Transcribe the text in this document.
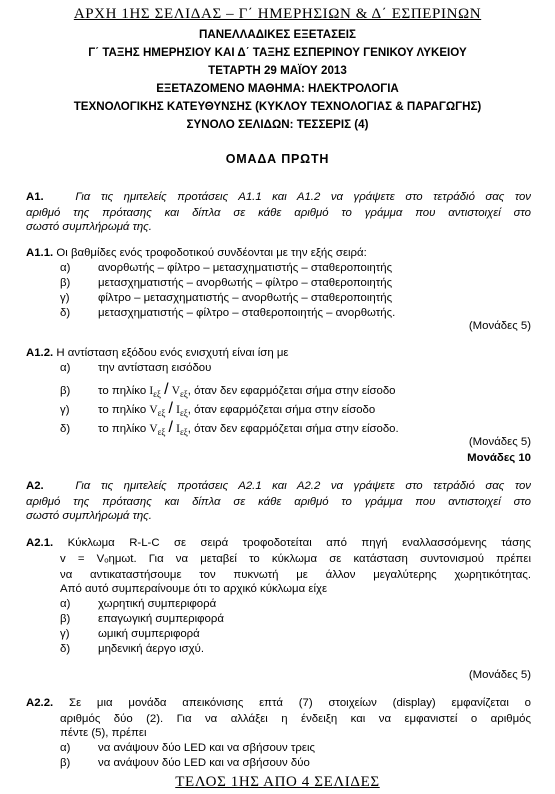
ΑΡΧΗ 1ΗΣ ΣΕΛΙΔΑΣ – Γ΄ ΗΜΕΡΗΣΙΩΝ & Δ΄ ΕΣΠΕΡΙΝΩΝ
ΠΑΝΕΛΛΑΔΙΚΕΣ ΕΞΕΤΑΣΕΙΣ
Γ΄ ΤΑΞΗΣ ΗΜΕΡΗΣΙΟΥ ΚΑΙ Δ΄ ΤΑΞΗΣ ΕΣΠΕΡΙΝΟΥ ΓΕΝΙΚΟΥ ΛΥΚΕΙΟΥ
ΤΕΤΑΡΤΗ 29 ΜΑΪΟΥ 2013
ΕΞΕΤΑΖΟΜΕΝΟ ΜΑΘΗΜΑ: ΗΛΕΚΤΡΟΛΟΓΙΑ
ΤΕΧΝΟΛΟΓΙΚΗΣ ΚΑΤΕΥΘΥΝΣΗΣ (ΚΥΚΛΟΥ ΤΕΧΝΟΛΟΓΙΑΣ & ΠΑΡΑΓΩΓΗΣ)
ΣΥΝΟΛΟ ΣΕΛΙΔΩΝ: ΤΕΣΣΕΡΙΣ (4)
ΟΜΑΔΑ ΠΡΩΤΗ
Α1.	Για τις ημιτελείς προτάσεις Α1.1 και Α1.2 να γράψετε στο τετράδιό σας τον
αριθμό της πρότασης και δίπλα σε κάθε αριθμό το γράμμα που αντιστοιχεί στο
σωστό συμπλήρωμά της.
Α1.1. Οι βαθμίδες ενός τροφοδοτικού συνδέονται με την εξής σειρά:
α) ανορθωτής – φίλτρο – μετασχηματιστής – σταθεροποιητής
β) μετασχηματιστής – ανορθωτής – φίλτρο – σταθεροποιητής
γ)	φίλτρο – μετασχηματιστής – ανορθωτής – σταθεροποιητής
δ) μετασχηματιστής – φίλτρο – σταθεροποιητής – ανορθωτής.
(Μονάδες 5)
Α1.2. Η αντίσταση εξόδου ενός ενισχυτή είναι ίση με
α) την αντίσταση εισόδου
β) το πηλίκο $I_{\varepsilon\xi} / V_{\varepsilon\xi}$, όταν δεν εφαρμόζεται σήμα στην είσοδο
γ)	το πηλίκο $V_{\varepsilon\xi} / I_{\varepsilon\xi}$, όταν εφαρμόζεται σήμα στην είσοδο
δ) το πηλίκο $V_{\varepsilon\xi} / I_{\varepsilon\xi}$, όταν δεν εφαρμόζεται σήμα στην είσοδο.
(Μονάδες 5)
Μονάδες 10
Α2.	Για τις ημιτελείς προτάσεις Α2.1 και Α2.2 να γράψετε στο τετράδιό σας τον
αριθμό της πρότασης και δίπλα σε κάθε αριθμό το γράμμα που αντιστοιχεί στο
σωστό συμπλήρωμά της.
Α2.1. Κύκλωμα R-L-C σε σειρά τροφοδοτείται από πηγή εναλλασσόμενης τάσης
v = Vₒημωt. Για να μεταβεί το κύκλωμα σε κατάσταση συντονισμού πρέπει
να αντικαταστήσουμε τον πυκνωτή με άλλον μεγαλύτερης χωρητικότητας.
Από αυτό συμπεραίνουμε ότι το αρχικό κύκλωμα είχε
α) χωρητική συμπεριφορά
β) επαγωγική συμπεριφορά
γ)	ωμική συμπεριφορά
δ) μηδενική άεργο ισχύ.
(Μονάδες 5)
Α2.2. Σε μια μονάδα απεικόνισης επτά (7) στοιχείων (display) εμφανίζεται ο
αριθμός δύο (2). Για να αλλάξει η ένδειξη και να εμφανιστεί ο αριθμός
πέντε (5), πρέπει
α) να ανάψουν δύο LED και να σβήσουν τρεις
β) να ανάψουν δύο LED και να σβήσουν δύο
ΤΕΛΟΣ 1ΗΣ ΑΠΟ 4 ΣΕΛΙΔΕΣ
